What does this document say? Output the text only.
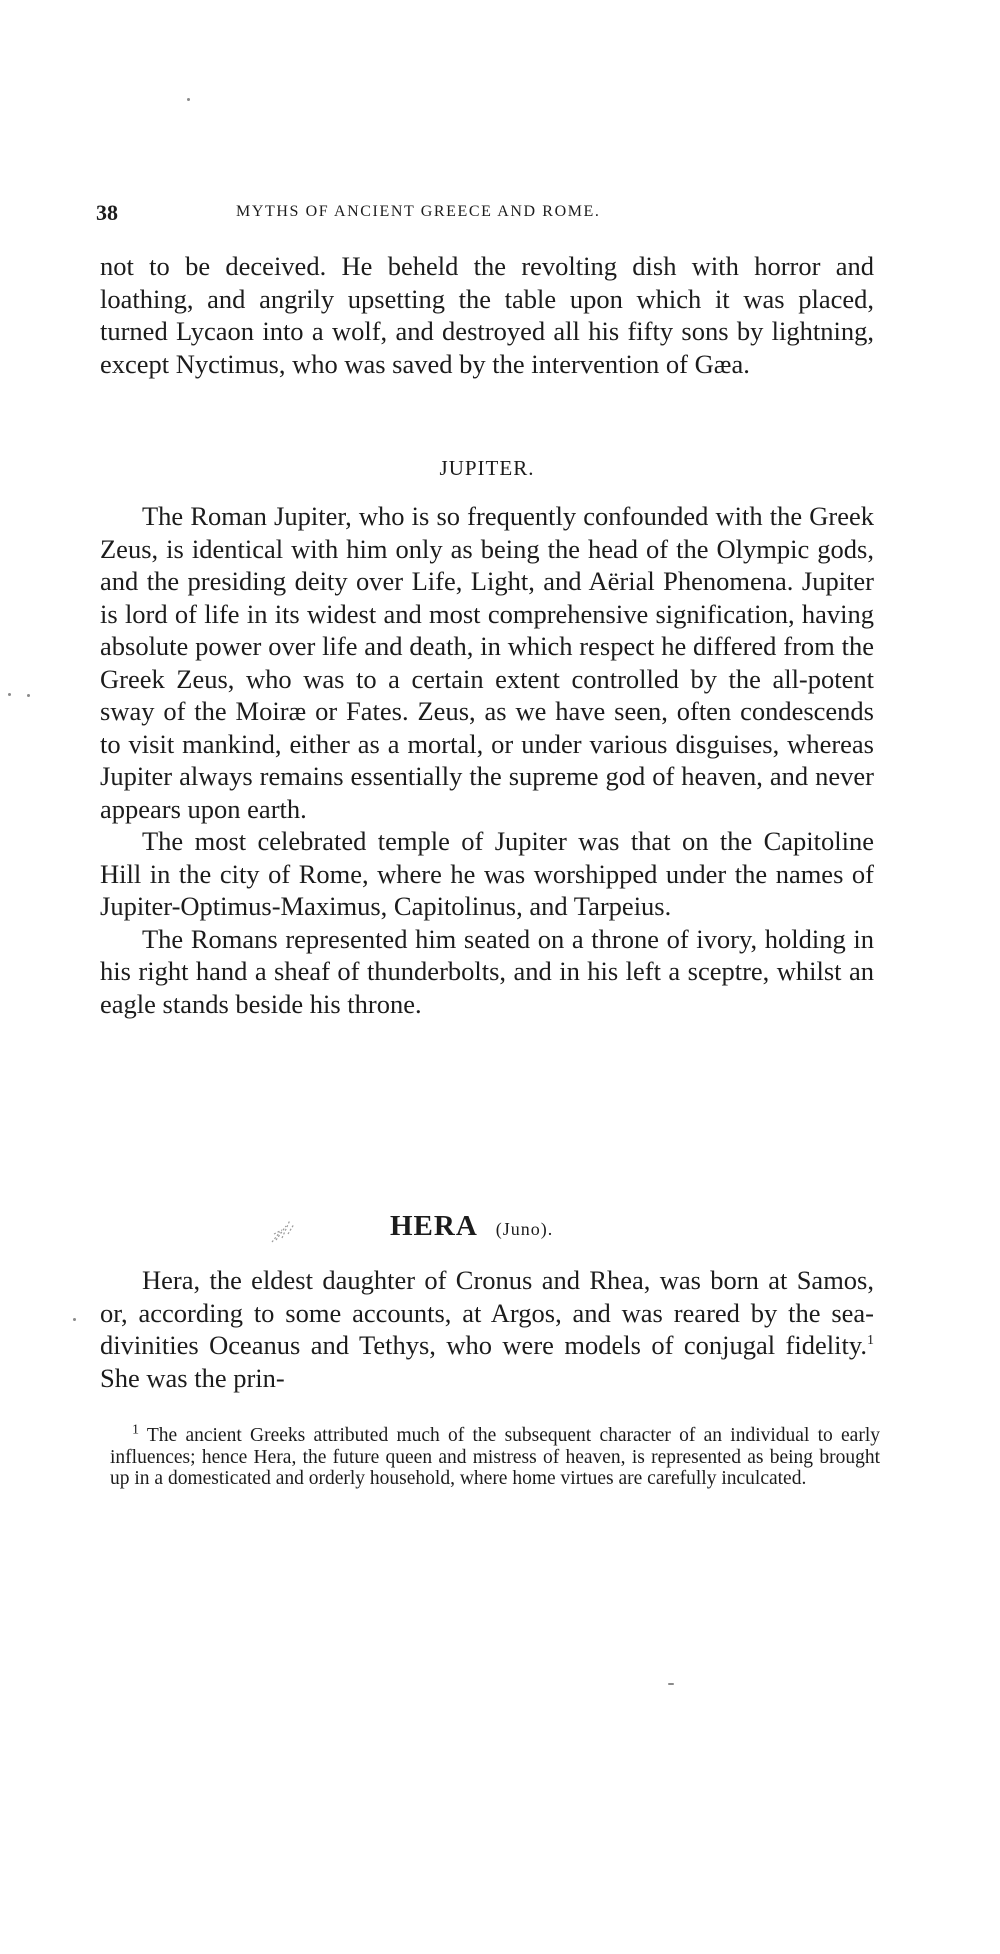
38	MYTHS OF ANCIENT GREECE AND ROME.

not to be deceived. He beheld the revolting dish with horror and loathing, and angrily upsetting the table upon which it was placed, turned Lycaon into a wolf, and destroyed all his fifty sons by lightning, except Nyctimus, who was saved by the intervention of Gæa.

JUPITER.

The Roman Jupiter, who is so frequently confounded with the Greek Zeus, is identical with him only as being the head of the Olympic gods, and the presiding deity over Life, Light, and Aërial Phenomena. Jupiter is lord of life in its widest and most comprehensive signification, having absolute power over life and death, in which respect he differed from the Greek Zeus, who was to a certain extent controlled by the all-potent sway of the Moiræ or Fates. Zeus, as we have seen, often condescends to visit mankind, either as a mortal, or under various disguises, whereas Jupiter always remains essentially the supreme god of heaven, and never appears upon earth.

The most celebrated temple of Jupiter was that on the Capitoline Hill in the city of Rome, where he was worshipped under the names of Jupiter-Optimus-Maximus, Capitolinus, and Tarpeius.

The Romans represented him seated on a throne of ivory, holding in his right hand a sheaf of thunderbolts, and in his left a sceptre, whilst an eagle stands beside his throne.

HERA (Juno).

Hera, the eldest daughter of Cronus and Rhea, was born at Samos, or, according to some accounts, at Argos, and was reared by the sea-divinities Oceanus and Tethys, who were models of conjugal fidelity.$^1$ She was the prin-

$^1$ The ancient Greeks attributed much of the subsequent character of an individual to early influences; hence Hera, the future queen and mistress of heaven, is represented as being brought up in a domesticated and orderly household, where home virtues are carefully inculcated.
